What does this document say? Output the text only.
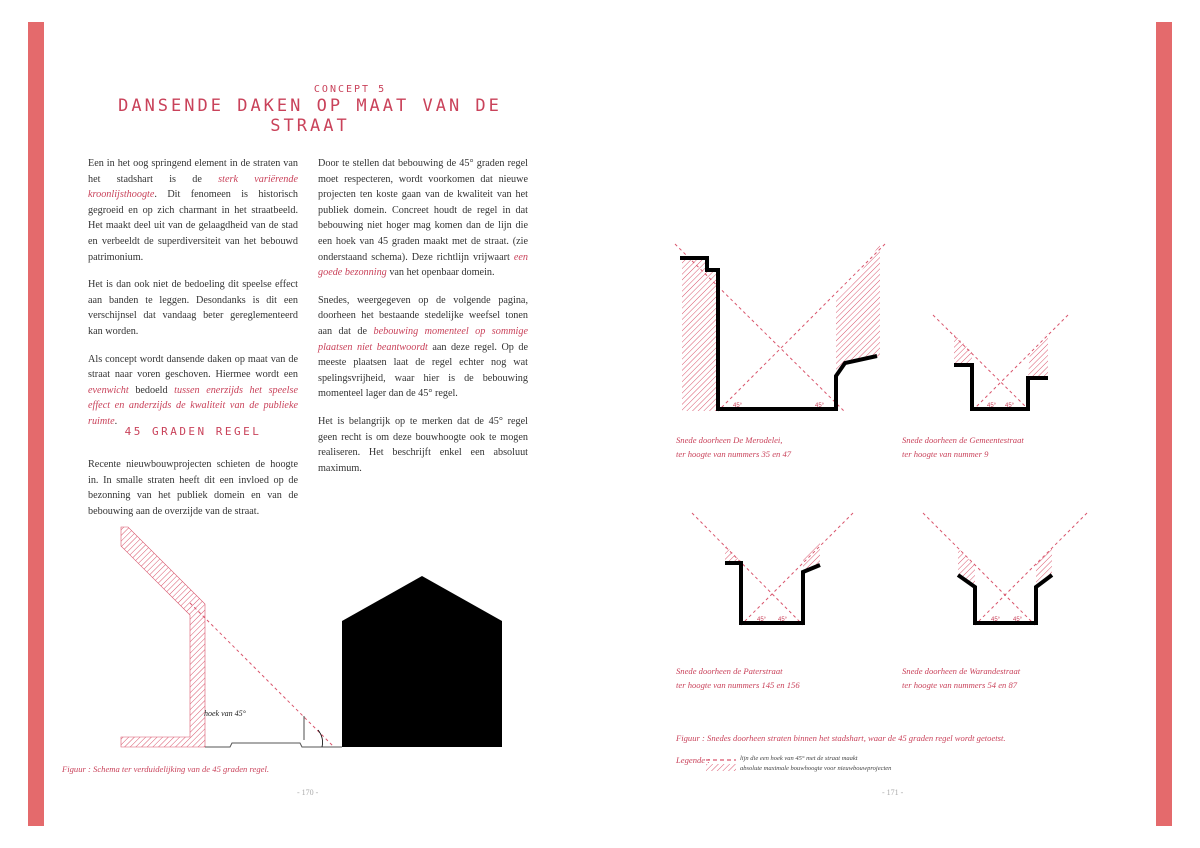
CONCEPT 5
DANSENDE DAKEN OP MAAT VAN DE STRAAT

Een in het oog springend element in de straten van het stadshart is de sterk variërende kroonlijsthoogte. Dit fenomeen is historisch gegroeid en op zich charmant in het straatbeeld. Het maakt deel uit van de gelaagdheid van de stad en verbeeldt de superdiversiteit van het bebouwd patrimonium.

Het is dan ook niet de bedoeling dit speelse effect aan banden te leggen. Desondanks is dit een verschijnsel dat vandaag beter gereglementeerd kan worden.

Als concept wordt dansende daken op maat van de straat naar voren geschoven. Hiermee wordt een evenwicht bedoeld tussen enerzijds het speelse effect en anderzijds de kwaliteit van de publieke ruimte.

45 GRADEN REGEL

Recente nieuwbouwprojecten schieten de hoogte in. In smalle straten heeft dit een invloed op de bezonning van het publiek domein en van de bebouwing aan de overzijde van de straat.

Door te stellen dat bebouwing de 45° graden regel moet respecteren, wordt voorkomen dat nieuwe projecten ten koste gaan van de kwaliteit van het publiek domein. Concreet houdt de regel in dat bebouwing niet hoger mag komen dan de lijn die een hoek van 45 graden maakt met de straat. (zie onderstaand schema). Deze richtlijn vrijwaart een goede bezonning van het openbaar domein.

Snedes, weergegeven op de volgende pagina, doorheen het bestaande stedelijke weefsel tonen aan dat de bebouwing momenteel op sommige plaatsen niet beantwoordt aan deze regel. Op de meeste plaatsen laat de regel echter nog wat spelingsvrijheid, waar hier is de bebouwing momenteel lager dan de 45° regel.

Het is belangrijk op te merken dat de 45° regel geen recht is om deze bouwhoogte ook te mogen realiseren. Het beschrijft enkel een absoluut maximum.

45°	45°	45° 45°
45° 45°	45° 45°
hoek van 45°
Figuur : Schema ter verduidelijking van de 45 graden regel.
Snede doorheen De Merodelei,
ter hoogte van nummers 35 en 47
Snede doorheen de Gemeentestraat
ter hoogte van nummer 9
Snede doorheen de Paterstraat
ter hoogte van nummers 145 en 156
Snede doorheen de Warandestraat
ter hoogte van nummers 54 en 87
Figuur : Snedes doorheen straten binnen het stadshart, waar de 45 graden regel wordt getoetst.
Legende :	lijn die een hoek van 45° met de straat maakt
absolute maximale bouwhoogte voor nieuwbouwprojecten
- 170 -	- 171 -
